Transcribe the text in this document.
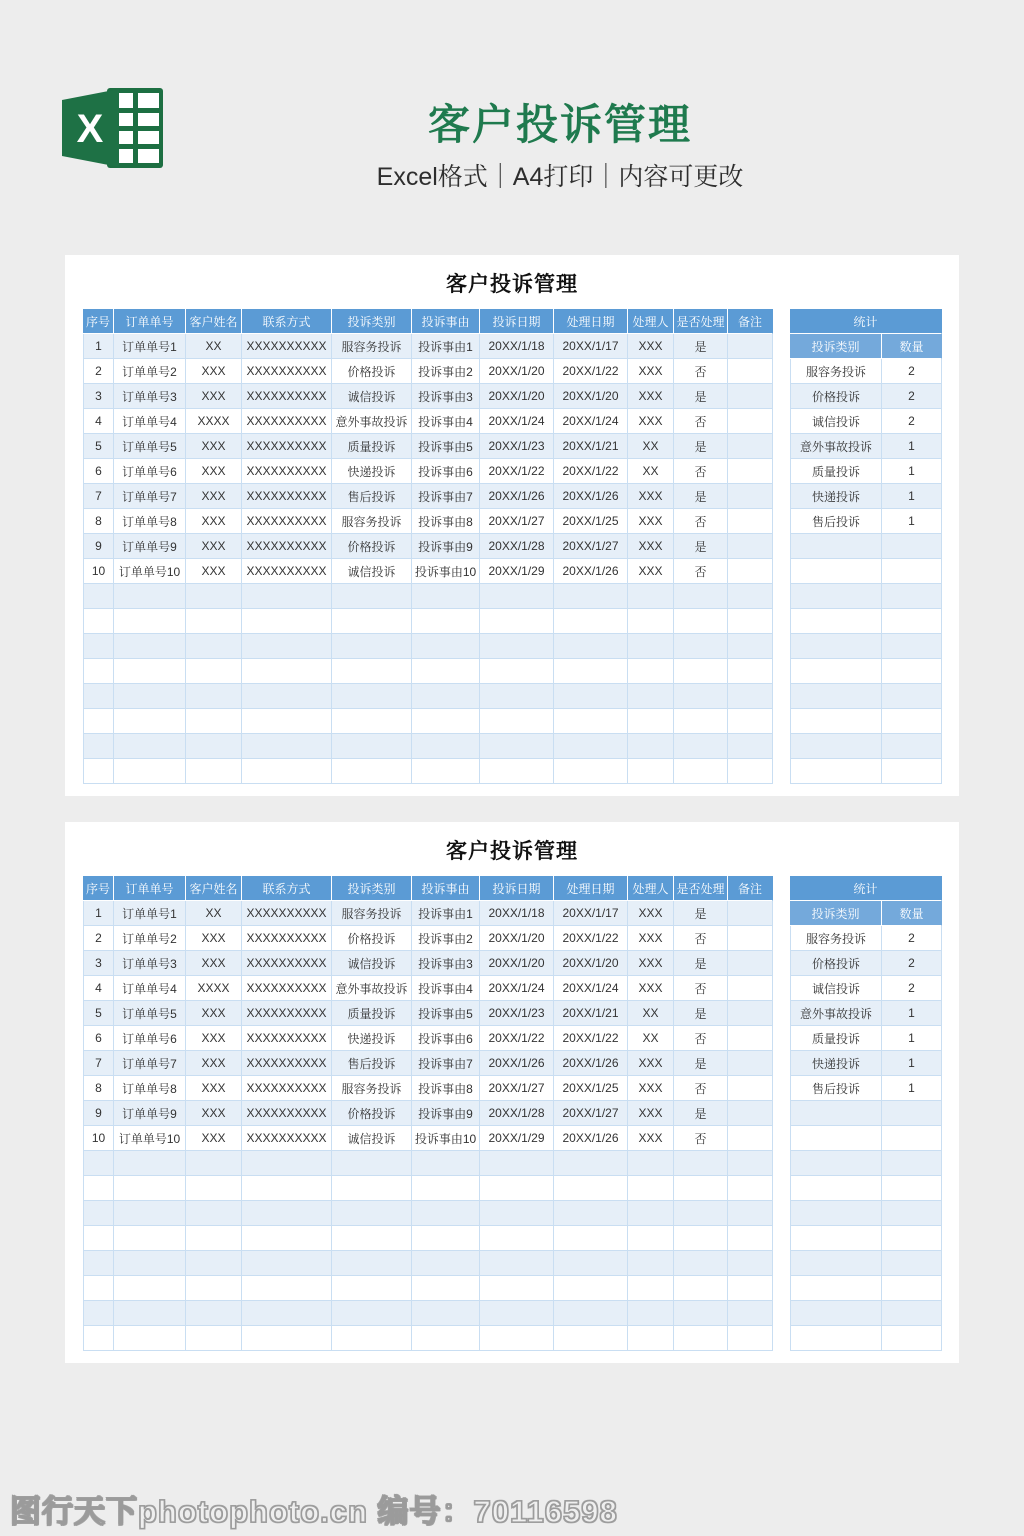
X	客户投诉管理
Excel格式｜A4打印｜内容可更改
客户投诉管理
序号	订单单号	客户姓名	联系方式	投诉类别	投诉事由	投诉日期	处理日期	处理人	是否处理	备注
1	订单单号1	XX	XXXXXXXXXX	服容务投诉	投诉事由1	20XX/1/18	20XX/1/17	XXX	是	
2	订单单号2	XXX	XXXXXXXXXX	价格投诉	投诉事由2	20XX/1/20	20XX/1/22	XXX	否	
3	订单单号3	XXX	XXXXXXXXXX	诚信投诉	投诉事由3	20XX/1/20	20XX/1/20	XXX	是	
4	订单单号4	XXXX	XXXXXXXXXX	意外事故投诉	投诉事由4	20XX/1/24	20XX/1/24	XXX	否	
5	订单单号5	XXX	XXXXXXXXXX	质量投诉	投诉事由5	20XX/1/23	20XX/1/21	XX	是	
6	订单单号6	XXX	XXXXXXXXXX	快递投诉	投诉事由6	20XX/1/22	20XX/1/22	XX	否	
7	订单单号7	XXX	XXXXXXXXXX	售后投诉	投诉事由7	20XX/1/26	20XX/1/26	XXX	是	
8	订单单号8	XXX	XXXXXXXXXX	服容务投诉	投诉事由8	20XX/1/27	20XX/1/25	XXX	否	
9	订单单号9	XXX	XXXXXXXXXX	价格投诉	投诉事由9	20XX/1/28	20XX/1/27	XXX	是	
10	订单单号10	XXX	XXXXXXXXXX	诚信投诉	投诉事由10	20XX/1/29	20XX/1/26	XXX	否	

统计	
投诉类别	数量
服容务投诉	2
价格投诉	2
诚信投诉	2
意外事故投诉	1
质量投诉	1
快递投诉	1
售后投诉	1

客户投诉管理
序号	订单单号	客户姓名	联系方式	投诉类别	投诉事由	投诉日期	处理日期	处理人	是否处理	备注
1	订单单号1	XX	XXXXXXXXXX	服容务投诉	投诉事由1	20XX/1/18	20XX/1/17	XXX	是	
2	订单单号2	XXX	XXXXXXXXXX	价格投诉	投诉事由2	20XX/1/20	20XX/1/22	XXX	否	
3	订单单号3	XXX	XXXXXXXXXX	诚信投诉	投诉事由3	20XX/1/20	20XX/1/20	XXX	是	
4	订单单号4	XXXX	XXXXXXXXXX	意外事故投诉	投诉事由4	20XX/1/24	20XX/1/24	XXX	否	
5	订单单号5	XXX	XXXXXXXXXX	质量投诉	投诉事由5	20XX/1/23	20XX/1/21	XX	是	
6	订单单号6	XXX	XXXXXXXXXX	快递投诉	投诉事由6	20XX/1/22	20XX/1/22	XX	否	
7	订单单号7	XXX	XXXXXXXXXX	售后投诉	投诉事由7	20XX/1/26	20XX/1/26	XXX	是	
8	订单单号8	XXX	XXXXXXXXXX	服容务投诉	投诉事由8	20XX/1/27	20XX/1/25	XXX	否	
9	订单单号9	XXX	XXXXXXXXXX	价格投诉	投诉事由9	20XX/1/28	20XX/1/27	XXX	是	
10	订单单号10	XXX	XXXXXXXXXX	诚信投诉	投诉事由10	20XX/1/29	20XX/1/26	XXX	否	

统计	
投诉类别	数量
服容务投诉	2
价格投诉	2
诚信投诉	2
意外事故投诉	1
质量投诉	1
快递投诉	1
售后投诉	1

图行天下photophoto.cn 编号：70116598
